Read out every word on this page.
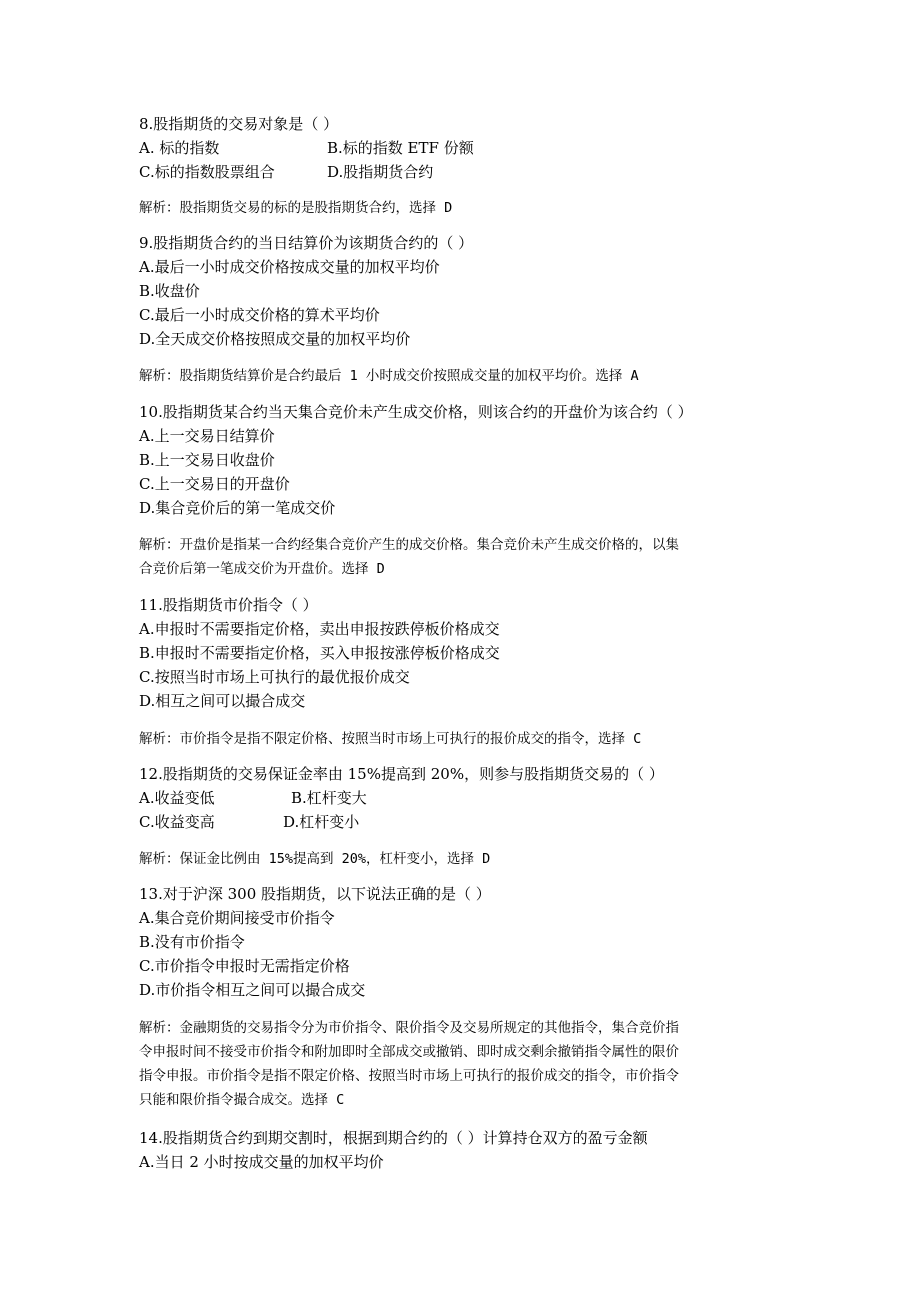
8.股指期货的交易对象是（ ）
A. 标的指数	B.标的指数 ETF 份额
C.标的指数股票组合	D.股指期货合约
解析：股指期货交易的标的是股指期货合约，选择 D
9.股指期货合约的当日结算价为该期货合约的（ ）
A.最后一小时成交价格按成交量的加权平均价
B.收盘价
C.最后一小时成交价格的算术平均价
D.全天成交价格按照成交量的加权平均价
解析：股指期货结算价是合约最后 1 小时成交价按照成交量的加权平均价。选择 A
10.股指期货某合约当天集合竞价未产生成交价格，则该合约的开盘价为该合约（ ）
A.上一交易日结算价
B.上一交易日收盘价
C.上一交易日的开盘价
D.集合竞价后的第一笔成交价
解析：开盘价是指某一合约经集合竞价产生的成交价格。集合竞价未产生成交价格的，以集
合竞价后第一笔成交价为开盘价。选择 D
11.股指期货市价指令（ ）
A.申报时不需要指定价格，卖出申报按跌停板价格成交
B.申报时不需要指定价格，买入申报按涨停板价格成交
C.按照当时市场上可执行的最优报价成交
D.相互之间可以撮合成交
解析：市价指令是指不限定价格、按照当时市场上可执行的报价成交的指令，选择 C
12.股指期货的交易保证金率由 15%提高到 20%，则参与股指期货交易的（ ）
A.收益变低	B.杠杆变大
C.收益变高	D.杠杆变小
解析：保证金比例由 15%提高到 20%，杠杆变小，选择 D
13.对于沪深 300 股指期货，以下说法正确的是（ ）
A.集合竞价期间接受市价指令
B.没有市价指令
C.市价指令申报时无需指定价格
D.市价指令相互之间可以撮合成交
解析：金融期货的交易指令分为市价指令、限价指令及交易所规定的其他指令，集合竞价指
令申报时间不接受市价指令和附加即时全部成交或撤销、即时成交剩余撤销指令属性的限价
指令申报。市价指令是指不限定价格、按照当时市场上可执行的报价成交的指令，市价指令
只能和限价指令撮合成交。选择 C
14.股指期货合约到期交割时，根据到期合约的（ ）计算持仓双方的盈亏金额
A.当日 2 小时按成交量的加权平均价
